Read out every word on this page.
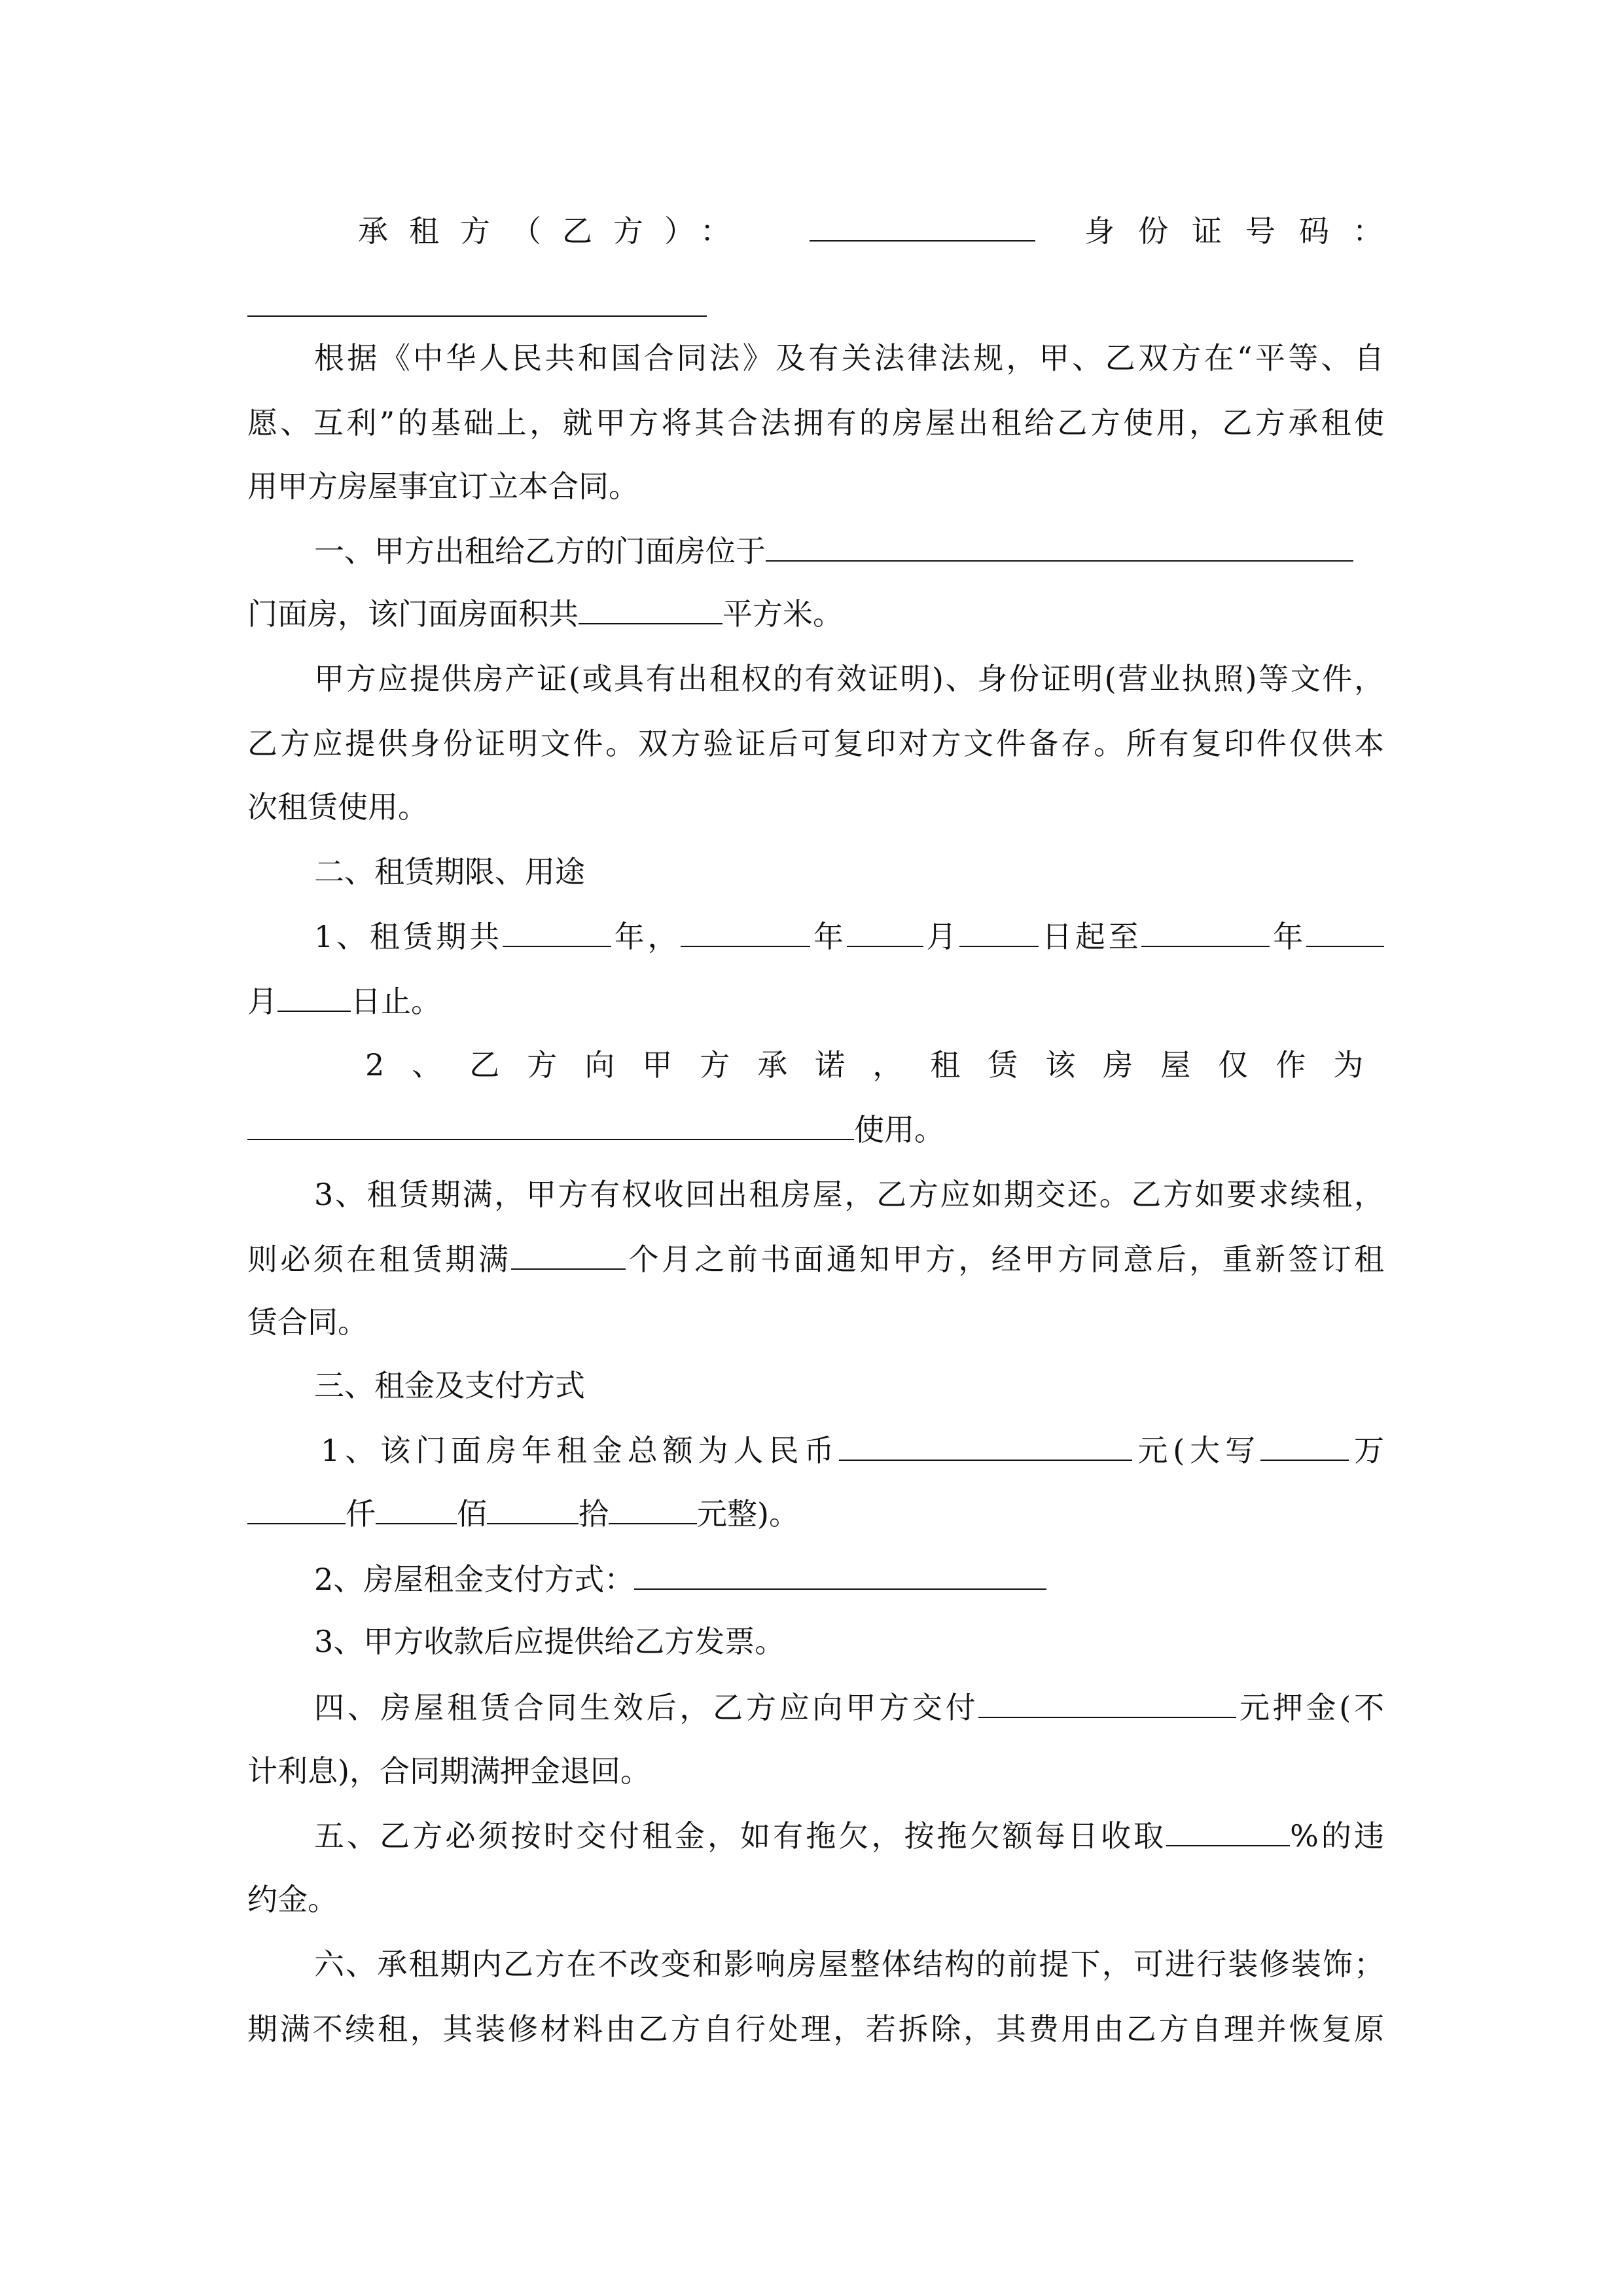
承租方（乙方）：	身份证号码：
根据《中华人民共和国合同法》及有关法律法规，甲、乙双方在“平等、自
愿、互利”的基础上，就甲方将其合法拥有的房屋出租给乙方使用，乙方承租使
用甲方房屋事宜订立本合同。
一、甲方出租给乙方的门面房位于
门面房，该门面房面积共	平方米。
甲方应提供房产证(或具有出租权的有效证明)、身份证明(营业执照)等文件，
乙方应提供身份证明文件。双方验证后可复印对方文件备存。所有复印件仅供本
次租赁使用。
二、租赁期限、用途
1、租赁期共	年，	年	月	日起至	年
月 日止。
2、乙方向甲方承诺，租赁该房屋仅作为
使用。
3、租赁期满，甲方有权收回出租房屋，乙方应如期交还。乙方如要求续租，
则必须在租赁期满	个月之前书面通知甲方，经甲方同意后，重新签订租
赁合同。
三、租金及支付方式
1、该门面房年租金总额为人民币	元(大写	万
仟	佰	拾	元整)。
2、房屋租金支付方式：
3、甲方收款后应提供给乙方发票。
四、房屋租赁合同生效后，乙方应向甲方交付	元押金(不
计利息)，合同期满押金退回。
五、乙方必须按时交付租金，如有拖欠，按拖欠额每日收取	%的违
约金。
六、承租期内乙方在不改变和影响房屋整体结构的前提下，可进行装修装饰；
期满不续租，其装修材料由乙方自行处理，若拆除，其费用由乙方自理并恢复原
